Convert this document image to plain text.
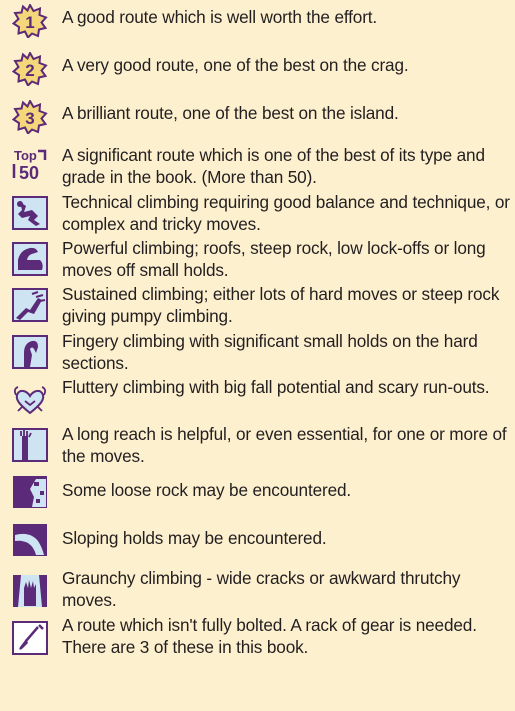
1 A good route which is well worth the effort.
2 A very good route, one of the best on the crag.
3 A brilliant route, one of the best on the island.
Top
50
A significant route which is one of the best of its type and grade in the book. (More than 50).
Technical climbing requiring good balance and technique, or complex and tricky moves.
Powerful climbing; roofs, steep rock, low lock-offs or long moves off small holds.
Sustained climbing; either lots of hard moves or steep rock giving pumpy climbing.
Fingery climbing with significant small holds on the hard sections.
Fluttery climbing with big fall potential and scary run-outs.
A long reach is helpful, or even essential, for one or more of the moves.
Some loose rock may be encountered.
Sloping holds may be encountered.
Graunchy climbing - wide cracks or awkward thrutchy moves.
A route which isn't fully bolted. A rack of gear is needed. There are 3 of these in this book.
